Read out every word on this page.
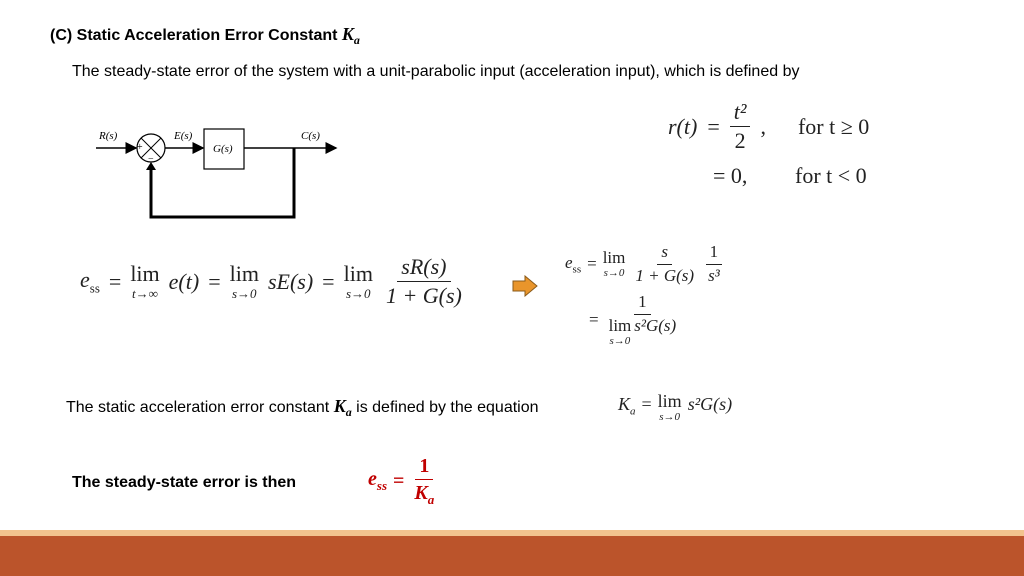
(C) Static Acceleration Error Constant $K_a$
The steady-state error of the system with a unit-parabolic input (acceleration input), which is defined by
R(s)	E(s)
G(s)
C(s)
+
−
$r(t) = \frac{\text{t²}}{2}$ , for t ≥ 0
= 0,	for t < 0
$e_{ss} = \lim$
t→∞ e(t) = lim
s→0 sE(s) = lim
$s\to 0 \frac{sR(s)}{1 + G(s)}$	$e_{ss} = \lim$
$s\to 0 \frac{s}{1 + G(s)} \frac{1}{\text{s³}}$
= 1
lim
s→0
s²G(s)
The static acceleration error constant $K_a$ is defined by the equation	$K_a = \lim$
s→0
s²G(s)
The steady-state error is then	$e_{ss} = \frac{1}{K_a}$
